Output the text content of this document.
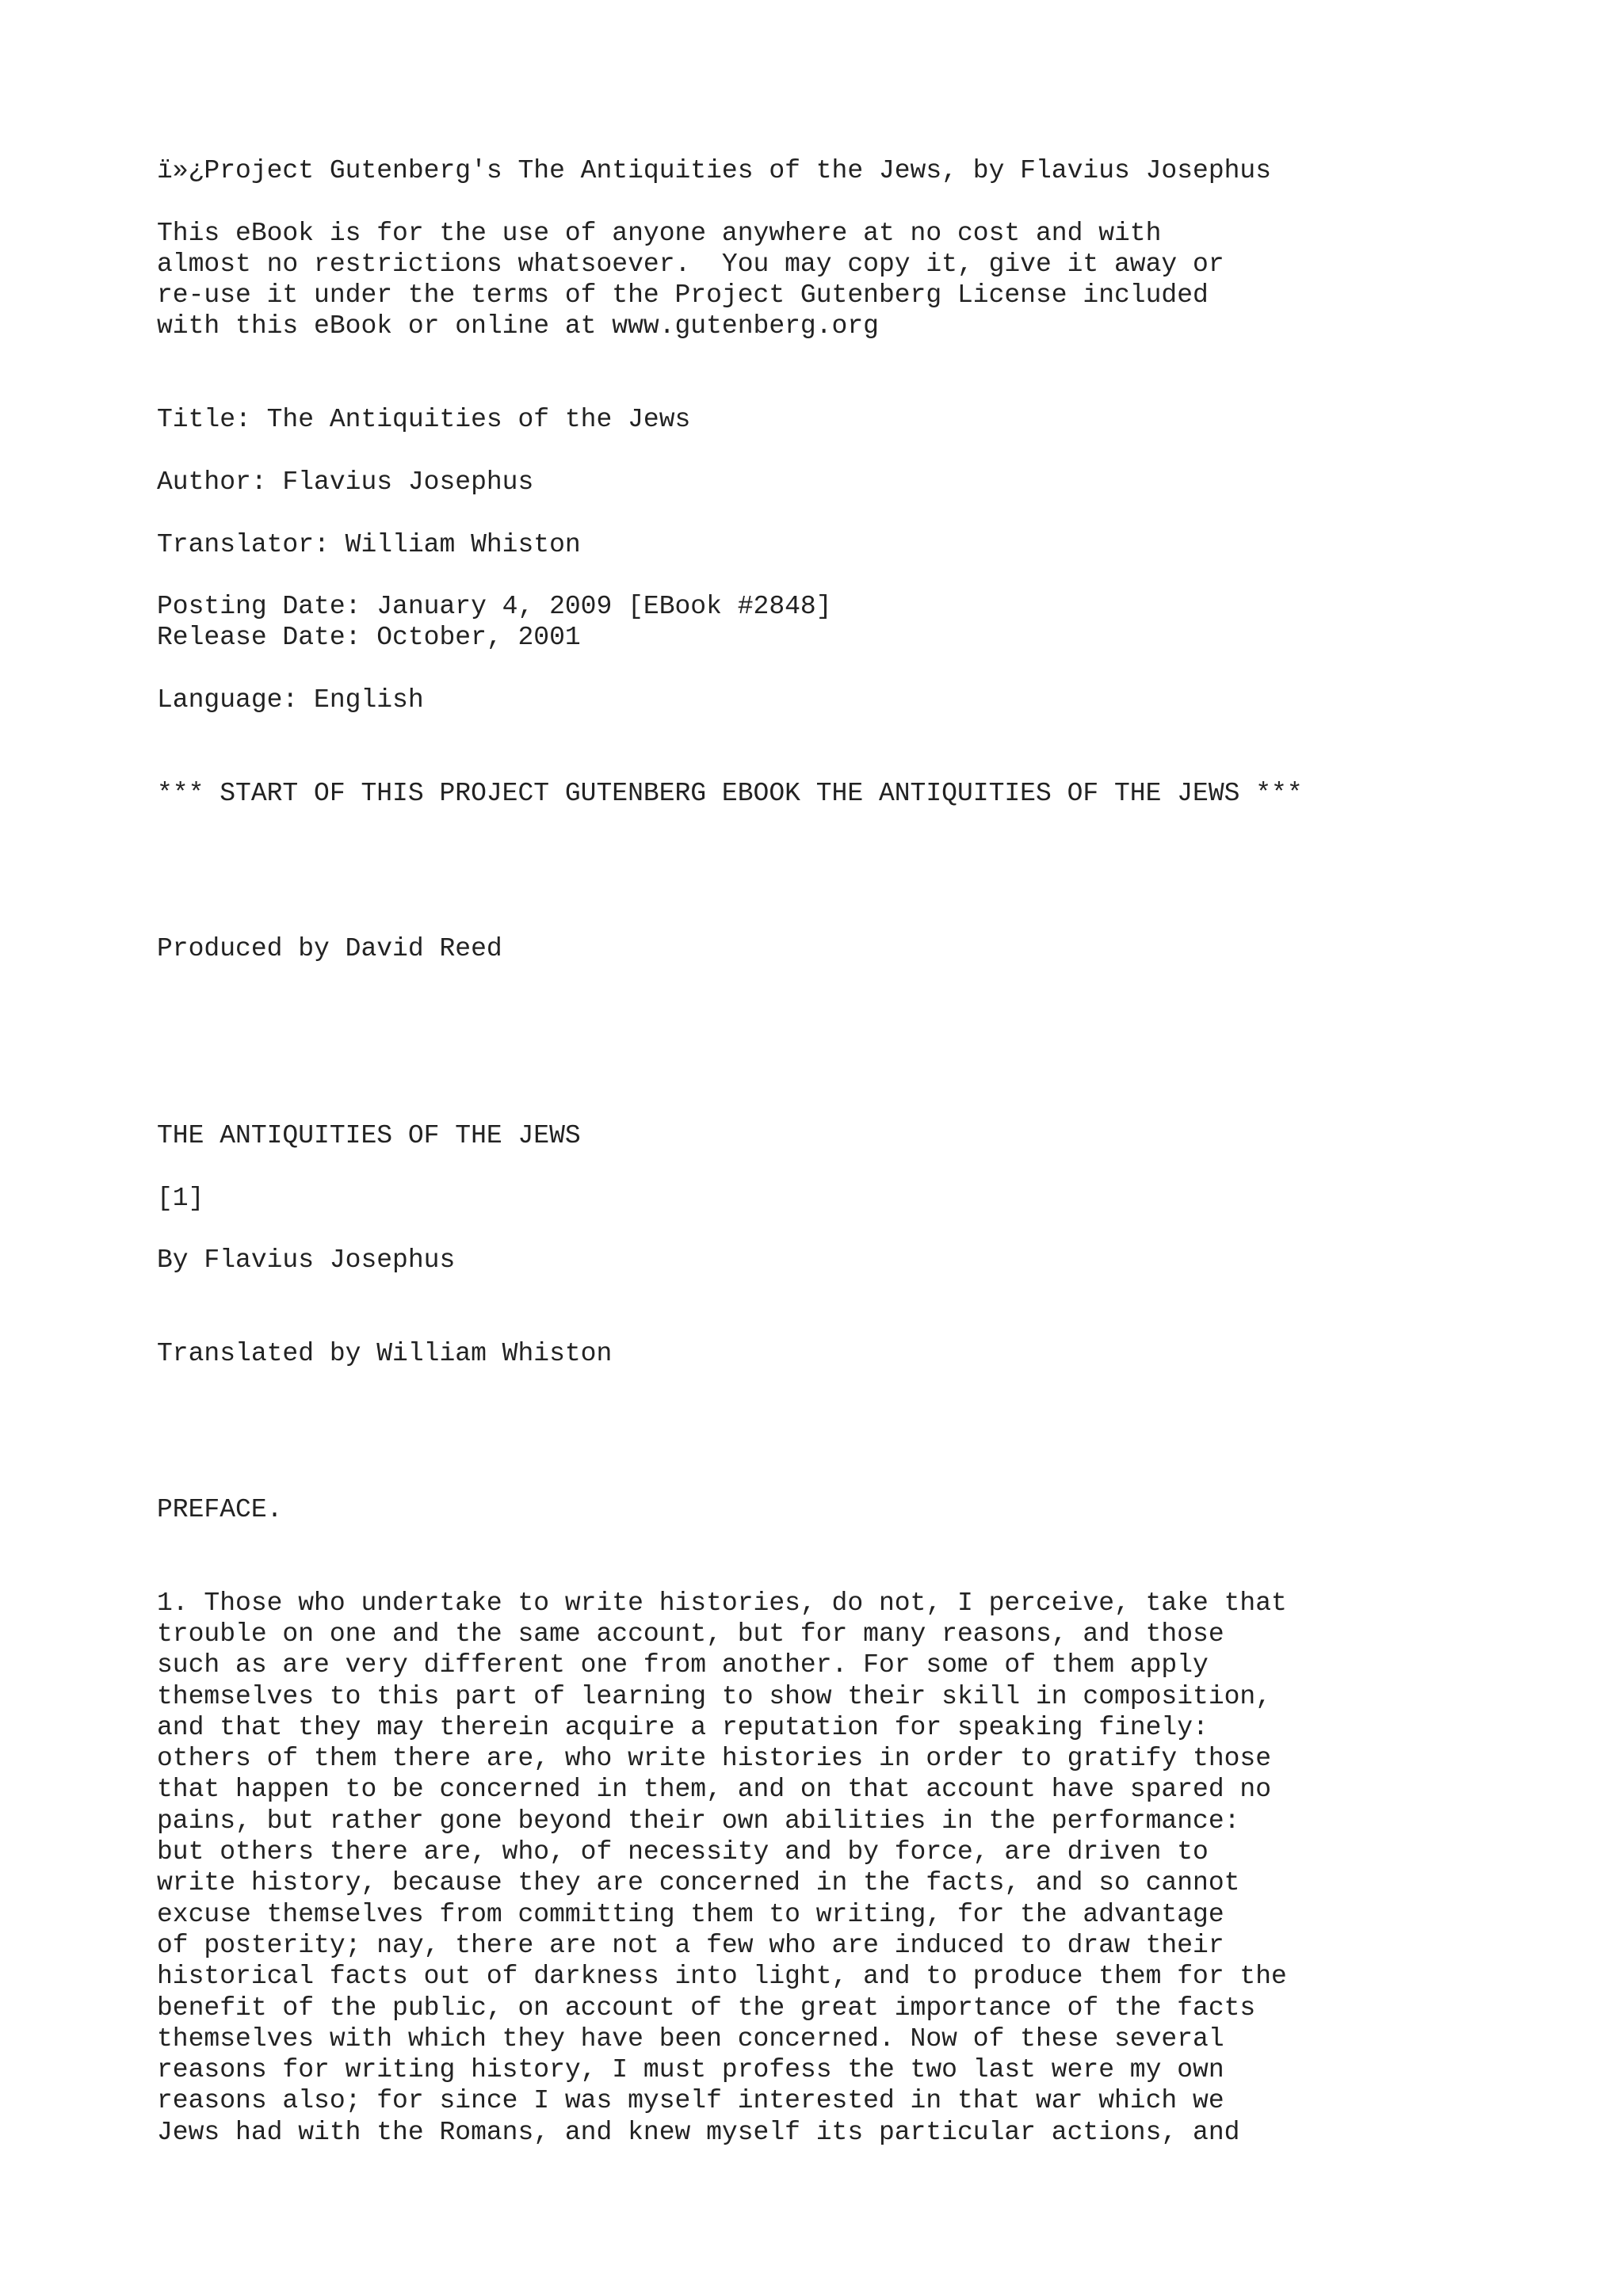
ï»¿Project Gutenberg's The Antiquities of the Jews, by Flavius Josephus

This eBook is for the use of anyone anywhere at no cost and with

almost no restrictions whatsoever.  You may copy it, give it away or

re-use it under the terms of the Project Gutenberg License included

with this eBook or online at www.gutenberg.org

Title: The Antiquities of the Jews

Author: Flavius Josephus

Translator: William Whiston

Posting Date: January 4, 2009 [EBook #2848]

Release Date: October, 2001

Language: English

*** START OF THIS PROJECT GUTENBERG EBOOK THE ANTIQUITIES OF THE JEWS ***

Produced by David Reed

THE ANTIQUITIES OF THE JEWS

[1]

By Flavius Josephus

Translated by William Whiston

PREFACE.

1. Those who undertake to write histories, do not, I perceive, take that

trouble on one and the same account, but for many reasons, and those

such as are very different one from another. For some of them apply

themselves to this part of learning to show their skill in composition,

and that they may therein acquire a reputation for speaking finely:

others of them there are, who write histories in order to gratify those

that happen to be concerned in them, and on that account have spared no

pains, but rather gone beyond their own abilities in the performance:

but others there are, who, of necessity and by force, are driven to

write history, because they are concerned in the facts, and so cannot

excuse themselves from committing them to writing, for the advantage

of posterity; nay, there are not a few who are induced to draw their

historical facts out of darkness into light, and to produce them for the

benefit of the public, on account of the great importance of the facts

themselves with which they have been concerned. Now of these several

reasons for writing history, I must profess the two last were my own

reasons also; for since I was myself interested in that war which we

Jews had with the Romans, and knew myself its particular actions, and
